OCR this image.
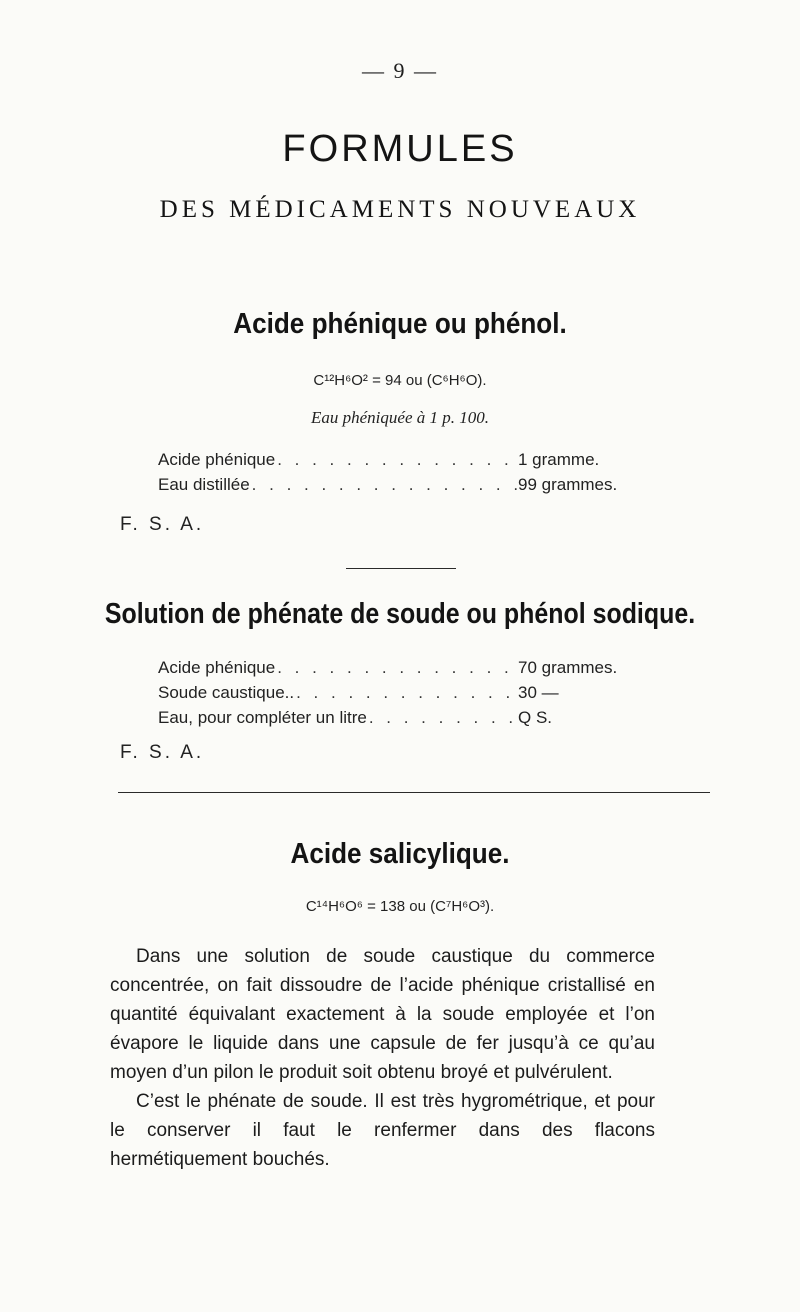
— 9 —
FORMULES
DES MÉDICAMENTS NOUVEAUX
Acide phénique ou phénol.
C¹²H⁶O² = 94 ou (C⁶H⁶O).
Eau phéniquée à 1 p. 100.
Acide phénique . . .	1 gramme.
Eau distillée . . .	99 grammes.
F. S. A.
Solution de phénate de soude ou phénol sodique.
Acide phénique . . .	70 grammes.
Soude caustique.. . . .	30 —
Eau, pour compléter un litre . . .	Q S.
F. S. A.
Acide salicylique.
C¹⁴H⁶O⁶ = 138 ou (C⁷H⁶O³).

Dans une solution de soude caustique du commerce concentrée, on fait dissoudre de l’acide phénique cristallisé en quantité équivalant exactement à la soude employée et l’on évapore le liquide dans une capsule de fer jusqu’à ce qu’au moyen d’un pilon le produit soit obtenu broyé et pulvérulent.

C’est le phénate de soude. Il est très hygrométrique, et pour le conserver il faut le renfermer dans des flacons hermétiquement bouchés.
